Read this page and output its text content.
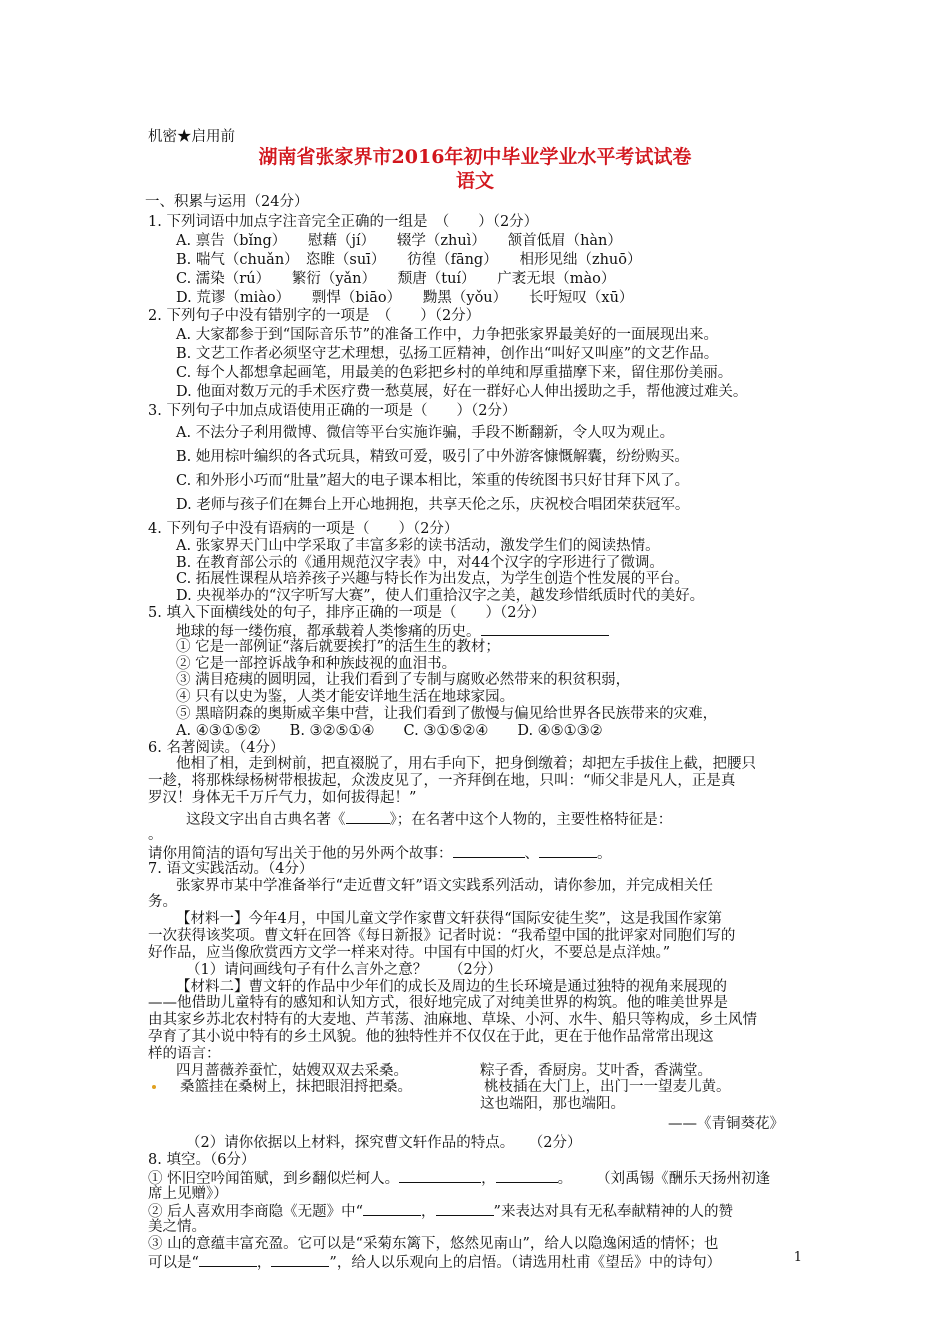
机密★启用前
湖南省张家界市2016年初中毕业学业水平考试试卷
语文
一、积累与运用（24分）
1. 下列词语中加点字注音完全正确的一组是　（　　）（2分）
A. 禀告（bǐng）　　慰藉（jí）　　辍学（zhuì）　　颔首低眉（hàn）
B. 喘气（chuǎn）　恣睢（suī）　　彷徨（fāng）　　相形见绌（zhuō）
C. 濡染（rú）　　繁衍（yǎn）　　颓唐（tuí）　　广袤无垠（mào）
D. 荒谬（miào）　　剽悍（biāo）　　黝黑（yǒu）　　长吁短叹（xū）
2. 下列句子中没有错别字的一项是　（　　）（2分）
A. 大家都参于到“国际音乐节”的准备工作中，力争把张家界最美好的一面展现出来。
B. 文艺工作者必须坚守艺术理想，弘扬工匠精神，创作出“叫好又叫座”的文艺作品。
C. 每个人都想拿起画笔，用最美的色彩把乡村的单纯和厚重描摩下来，留住那份美丽。
D. 他面对数万元的手术医疗费一愁莫展，好在一群好心人伸出援助之手，帮他渡过难关。
3. 下列句子中加点成语使用正确的一项是（　　）（2分）
A. 不法分子利用微博、微信等平台实施诈骗，手段不断翻新，令人叹为观止。
B. 她用棕叶编织的各式玩具，精致可爱，吸引了中外游客慷慨解囊，纷纷购买。
C. 和外形小巧而“肚量”超大的电子课本相比，笨重的传统图书只好甘拜下风了。
D. 老师与孩子们在舞台上开心地拥抱，共享天伦之乐，庆祝校合唱团荣获冠军。
4. 下列句子中没有语病的一项是（　　）（2分）
A. 张家界天门山中学采取了丰富多彩的读书活动，激发学生们的阅读热情。
B. 在教育部公示的《通用规范汉字表》中，对44个汉字的字形进行了微调。
C. 拓展性课程从培养孩子兴趣与特长作为出发点，为学生创造个性发展的平台。
D. 央视举办的“汉字听写大赛”，使人们重拾汉字之美，越发珍惜纸质时代的美好。
5. 填入下面横线处的句子，排序正确的一项是（　　）（2分）
地球的每一缕伤痕，都承载着人类惨痛的历史。
① 它是一部例证“落后就要挨打”的活生生的教材；
② 它是一部控诉战争和种族歧视的血泪书。
③ 满目疮痍的圆明园，让我们看到了专制与腐败必然带来的积贫积弱，
④ 只有以史为鉴，人类才能安详地生活在地球家园。
⑤ 黑暗阴森的奥斯威辛集中营，让我们看到了傲慢与偏见给世界各民族带来的灾难，
A. ④③①⑤②　　B. ③②⑤①④　　C. ③①⑤②④　　D. ④⑤①③②
6. 名著阅读。（4分）
他相了相，走到树前，把直裰脱了，用右手向下，把身倒缴着；却把左手拔住上截，把腰只
一趁，将那株绿杨树带根拔起，众泼皮见了，一齐拜倒在地，只叫：“师父非是凡人，正是真
罗汉！身体无千万斤气力，如何拔得起！”
这段文字出自古典名著《	》；在名著中这个人物的，主要性格特征是：
。
请你用简洁的语句写出关于他的另外两个故事：	、	。
7. 语文实践活动。（4分）
张家界市某中学准备举行“走近曹文轩”语文实践系列活动，请你参加，并完成相关任
务。
【材料一】今年4月，中国儿童文学作家曹文轩获得“国际安徒生奖”，这是我国作家第
一次获得该奖项。曹文轩在回答《每日新报》记者时说：“我希望中国的批评家对同胞们写的
好作品，应当像欣赏西方文学一样来对待。中国有中国的灯火，不要总是点洋烛。”
（1）请问画线句子有什么言外之意？　　（2分）
【材料二】曹文轩的作品中少年们的成长及周边的生长环境是通过独特的视角来展现的
——他借助儿童特有的感知和认知方式，很好地完成了对纯美世界的构筑。他的唯美世界是
由其家乡苏北农村特有的大麦地、芦苇荡、油麻地、草垛、小河、水牛、船只等构成，乡土风情
孕育了其小说中特有的乡土风貌。他的独特性并不仅仅在于此，更在于他作品常常出现这
样的语言：
四月蔷薇养蚕忙，姑嫂双双去采桑。	粽子香，香厨房。艾叶香，香满堂。
桑篮挂在桑树上，抹把眼泪捋把桑。	桃枝插在大门上，出门一一望麦儿黄。
这也端阳，那也端阳。
——《青铜葵花》
（2）请你依据以上材料，探究曹文轩作品的特点。　　（2分）
8. 填空。（6分）
① 怀旧空吟闻笛赋，到乡翻似烂柯人。	，	。 （刘禹锡《酬乐天扬州初逢
席上见赠》）
② 后人喜欢用李商隐《无题》中“	，	”来表达对具有无私奉献精神的人的赞
美之情。
③ 山的意蕴丰富充盈。它可以是“采菊东篱下，悠然见南山”，给人以隐逸闲适的情怀；也
可以是“	，	”，给人以乐观向上的启悟。（请选用杜甫《望岳》中的诗句）	1
